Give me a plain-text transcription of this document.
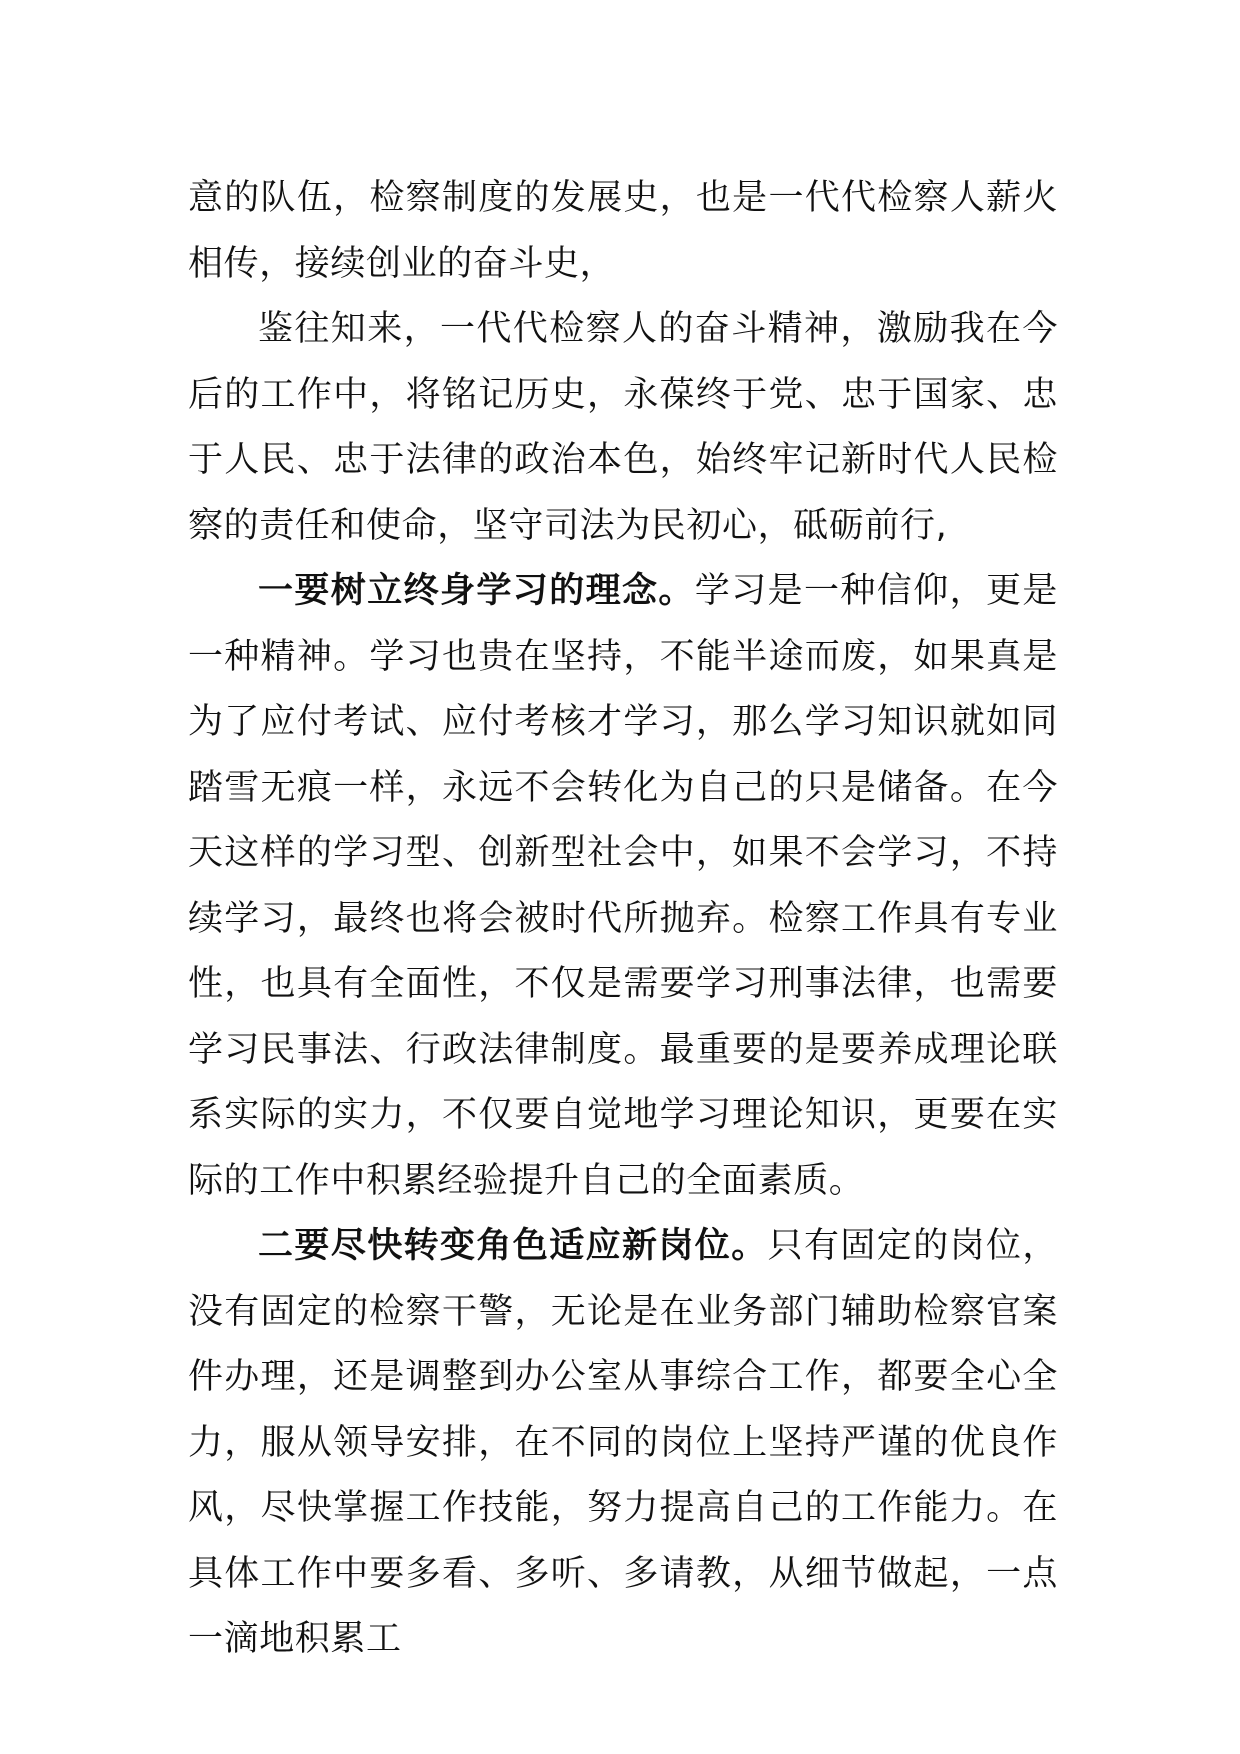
意的队伍，检察制度的发展史，也是一代代检察人薪火相传，接续创业的奋斗史，

鉴往知来，一代代检察人的奋斗精神，激励我在今后的工作中，将铭记历史，永葆终于党、忠于国家、忠于人民、忠于法律的政治本色，始终牢记新时代人民检察的责任和使命，坚守司法为民初心，砥砺前行,

一要树立终身学习的理念。学习是一种信仰，更是一种精神。学习也贵在坚持，不能半途而废，如果真是为了应付考试、应付考核才学习，那么学习知识就如同踏雪无痕一样，永远不会转化为自己的只是储备。在今天这样的学习型、创新型社会中，如果不会学习，不持续学习，最终也将会被时代所抛弃。检察工作具有专业性，也具有全面性，不仅是需要学习刑事法律，也需要学习民事法、行政法律制度。最重要的是要养成理论联系实际的实力，不仅要自觉地学习理论知识，更要在实际的工作中积累经验提升自己的全面素质。

二要尽快转变角色适应新岗位。只有固定的岗位，没有固定的检察干警，无论是在业务部门辅助检察官案件办理，还是调整到办公室从事综合工作，都要全心全力，服从领导安排，在不同的岗位上坚持严谨的优良作风，尽快掌握工作技能，努力提高自己的工作能力。在具体工作中要多看、多听、多请教，从细节做起，一点一滴地积累工
